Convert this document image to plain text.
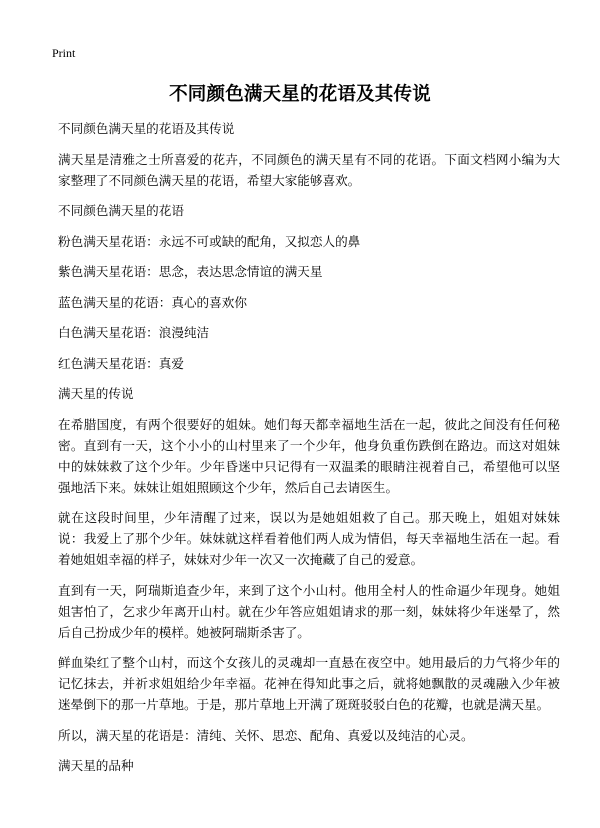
Print
不同颜色满天星的花语及其传说

不同颜色满天星的花语及其传说

满天星是清雅之士所喜爱的花卉，不同颜色的满天星有不同的花语。下面文档网小编为大家整理了不同颜色满天星的花语，希望大家能够喜欢。

不同颜色满天星的花语

粉色满天星花语：永远不可或缺的配角，又拟恋人的鼻

紫色满天星花语：思念，表达思念情谊的满天星

蓝色满天星的花语：真心的喜欢你

白色满天星花语：浪漫纯洁

红色满天星花语：真爱

满天星的传说

在希腊国度，有两个很要好的姐妹。她们每天都幸福地生活在一起，彼此之间没有任何秘密。直到有一天，这个小小的山村里来了一个少年，他身负重伤跌倒在路边。而这对姐妹中的妹妹救了这个少年。少年昏迷中只记得有一双温柔的眼睛注视着自己，希望他可以坚强地活下来。妹妹让姐姐照顾这个少年，然后自己去请医生。

就在这段时间里，少年清醒了过来，误以为是她姐姐救了自己。那天晚上，姐姐对妹妹说：我爱上了那个少年。妹妹就这样看着他们两人成为情侣，每天幸福地生活在一起。看着她姐姐幸福的样子，妹妹对少年一次又一次掩藏了自己的爱意。

直到有一天，阿瑞斯追查少年，来到了这个小山村。他用全村人的性命逼少年现身。她姐姐害怕了，乞求少年离开山村。就在少年答应姐姐请求的那一刻，妹妹将少年迷晕了，然后自己扮成少年的模样。她被阿瑞斯杀害了。

鲜血染红了整个山村，而这个女孩儿的灵魂却一直悬在夜空中。她用最后的力气将少年的记忆抹去，并祈求姐姐给少年幸福。花神在得知此事之后，就将她飘散的灵魂融入少年被迷晕倒下的那一片草地。于是，那片草地上开满了斑斑驳驳白色的花瓣，也就是满天星。

所以，满天星的花语是：清纯、关怀、思恋、配角、真爱以及纯洁的心灵。

满天星的品种
